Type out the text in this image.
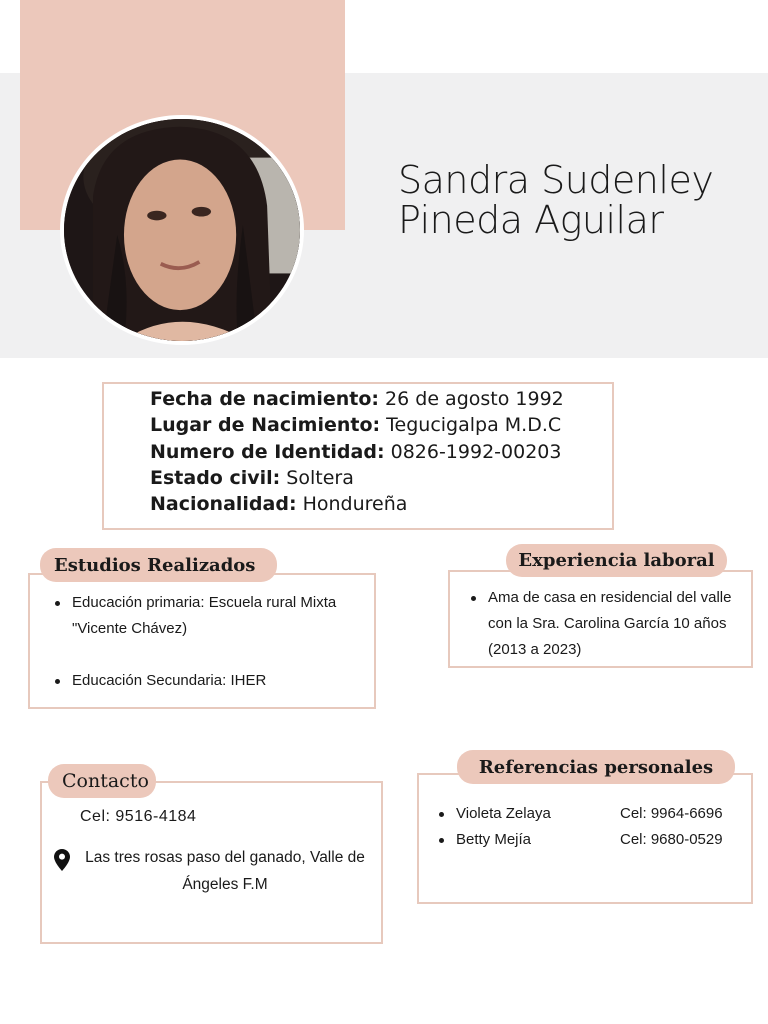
Sandra Sudenley
Pineda Aguilar
Fecha de nacimiento: 26 de agosto 1992
Lugar de Nacimiento: Tegucigalpa M.D.C
Numero de Identidad: 0826-1992-00203
Estado civil: Soltera
Nacionalidad: Hondureña
Estudios Realizados
Educación primaria: Escuela rural Mixta "Vicente Chávez)
Educación Secundaria: IHER
Experiencia laboral
Ama de casa en residencial del valle con la Sra. Carolina García 10 años (2013 a 2023)
Contacto
Cel: 9516-4184
Las tres rosas paso del ganado, Valle de Ángeles F.M
Referencias personales
Violeta Zelaya	Cel: 9964-6696
Betty Mejía	Cel: 9680-0529
